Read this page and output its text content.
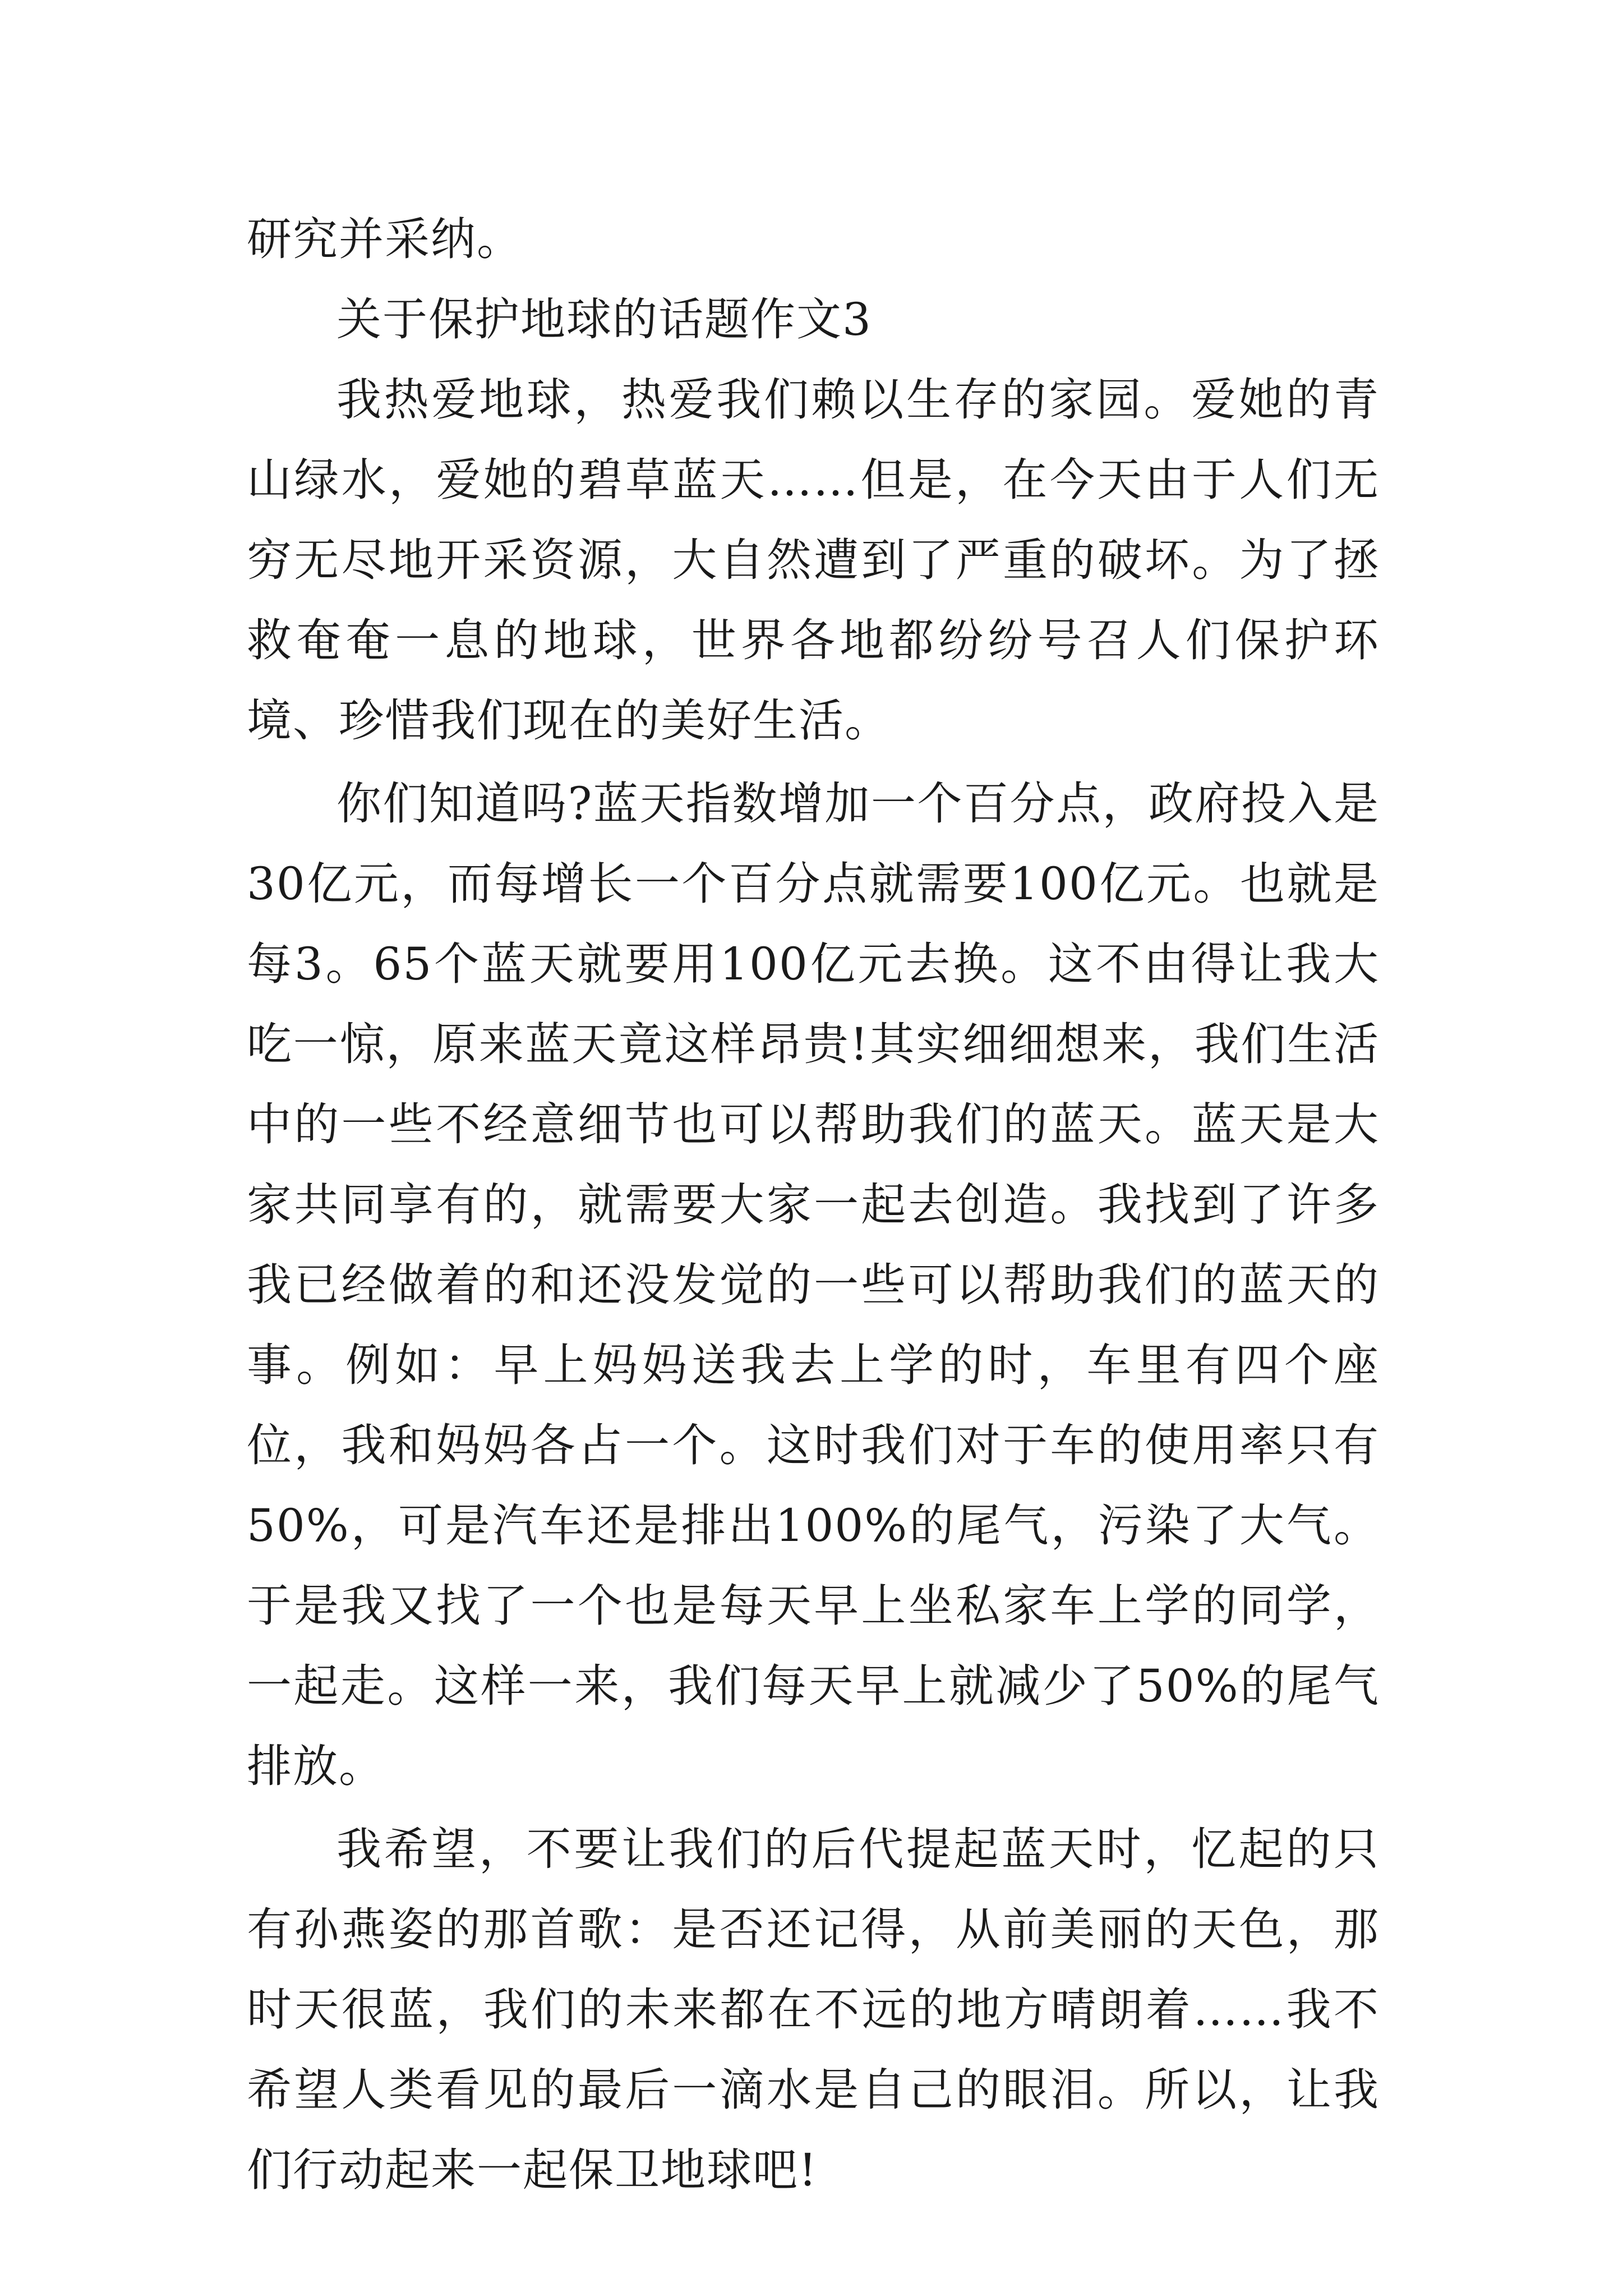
研究并采纳。

关于保护地球的话题作文3

我热爱地球，热爱我们赖以生存的家园。爱她的青山绿水，爱她的碧草蓝天……但是，在今天由于人们无穷无尽地开采资源，大自然遭到了严重的破坏。为了拯救奄奄一息的地球，世界各地都纷纷号召人们保护环境、珍惜我们现在的美好生活。

你们知道吗?蓝天指数增加一个百分点，政府投入是30亿元，而每增长一个百分点就需要100亿元。也就是每3。65个蓝天就要用100亿元去换。这不由得让我大吃一惊，原来蓝天竟这样昂贵!其实细细想来，我们生活中的一些不经意细节也可以帮助我们的蓝天。蓝天是大家共同享有的，就需要大家一起去创造。我找到了许多我已经做着的和还没发觉的一些可以帮助我们的蓝天的事。例如：早上妈妈送我去上学的时，车里有四个座位，我和妈妈各占一个。这时我们对于车的使用率只有50%，可是汽车还是排出100%的尾气，污染了大气。于是我又找了一个也是每天早上坐私家车上学的同学，一起走。这样一来，我们每天早上就减少了50%的尾气排放。

我希望，不要让我们的后代提起蓝天时，忆起的只有孙燕姿的那首歌：是否还记得，从前美丽的天色，那时天很蓝，我们的未来都在不远的地方晴朗着……我不希望人类看见的最后一滴水是自己的眼泪。所以，让我们行动起来一起保卫地球吧!
